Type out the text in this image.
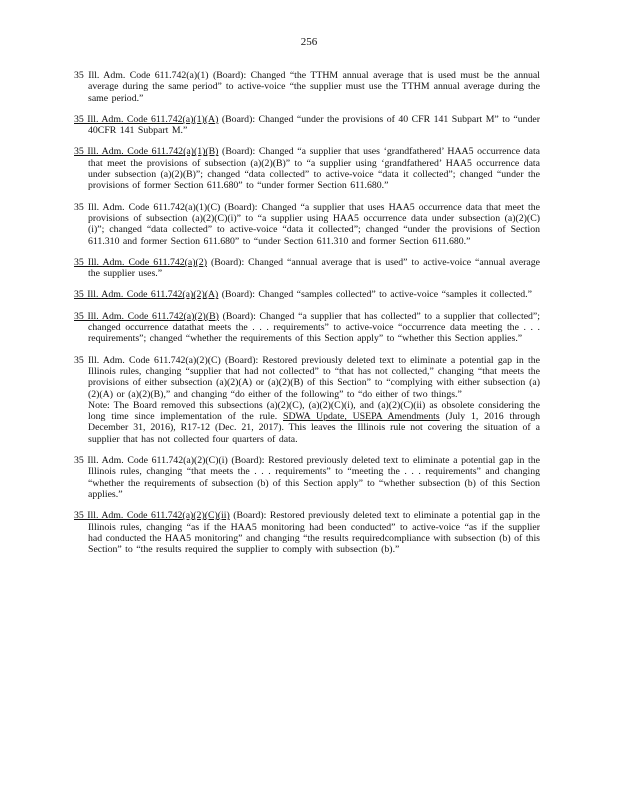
256

35 Ill. Adm. Code 611.742(a)(1) (Board): Changed “the TTHM annual average that is used must be the annual average during the same period” to active-voice “the supplier must use the TTHM annual average during the same period.”

35 Ill. Adm. Code 611.742(a)(1)(A) (Board): Changed “under the provisions of 40 CFR 141 Subpart M” to “under 40CFR 141 Subpart M.”

35 Ill. Adm. Code 611.742(a)(1)(B) (Board): Changed “a supplier that uses ‘grandfathered’ HAA5 occurrence data that meet the provisions of subsection (a)(2)(B)” to “a supplier using ‘grandfathered’ HAA5 occurrence data under subsection (a)(2)(B)”; changed “data collected” to active-voice “data it collected”; changed “under the provisions of former Section 611.680” to “under former Section 611.680.”

35 Ill. Adm. Code 611.742(a)(1)(C) (Board): Changed “a supplier that uses HAA5 occurrence data that meet the provisions of subsection (a)(2)(C)(i)” to “a supplier using HAA5 occurrence data under subsection (a)(2)(C)(i)”; changed “data collected” to active-voice “data it collected”; changed “under the provisions of Section 611.310 and former Section 611.680” to “under Section 611.310 and former Section 611.680.”

35 Ill. Adm. Code 611.742(a)(2) (Board): Changed “annual average that is used” to active-voice “annual average the supplier uses.”

35 Ill. Adm. Code 611.742(a)(2)(A) (Board): Changed “samples collected” to active-voice “samples it collected.”

35 Ill. Adm. Code 611.742(a)(2)(B) (Board): Changed “a supplier that has collected” to a supplier that collected”; changed occurrence datathat meets the . . . requirements” to active-voice “occurrence data meeting the . . . requirements”; changed “whether the requirements of this Section apply” to “whether this Section applies.”

35 Ill. Adm. Code 611.742(a)(2)(C) (Board): Restored previously deleted text to eliminate a potential gap in the Illinois rules, changing “supplier that had not collected” to “that has not collected,” changing “that meets the provisions of either subsection (a)(2)(A) or (a)(2)(B) of this Section” to “complying with either subsection (a)(2)(A) or (a)(2)(B),” and changing “do either of the following” to “do either of two things.”
Note: The Board removed this subsections (a)(2)(C), (a)(2)(C)(i), and (a)(2)(C)(ii) as obsolete considering the long time since implementation of the rule. SDWA Update, USEPA Amendments (July 1, 2016 through December 31, 2016), R17-12 (Dec. 21, 2017). This leaves the Illinois rule not covering the situation of a supplier that has not collected four quarters of data.

35 Ill. Adm. Code 611.742(a)(2)(C)(i) (Board): Restored previously deleted text to eliminate a potential gap in the Illinois rules, changing “that meets the . . . requirements” to “meeting the . . . requirements” and changing “whether the requirements of subsection (b) of this Section apply” to “whether subsection (b) of this Section applies.”

35 Ill. Adm. Code 611.742(a)(2)(C)(ii) (Board): Restored previously deleted text to eliminate a potential gap in the Illinois rules, changing “as if the HAA5 monitoring had been conducted” to active-voice “as if the supplier had conducted the HAA5 monitoring” and changing “the results requiredcompliance with subsection (b) of this Section” to “the results required the supplier to comply with subsection (b).”
